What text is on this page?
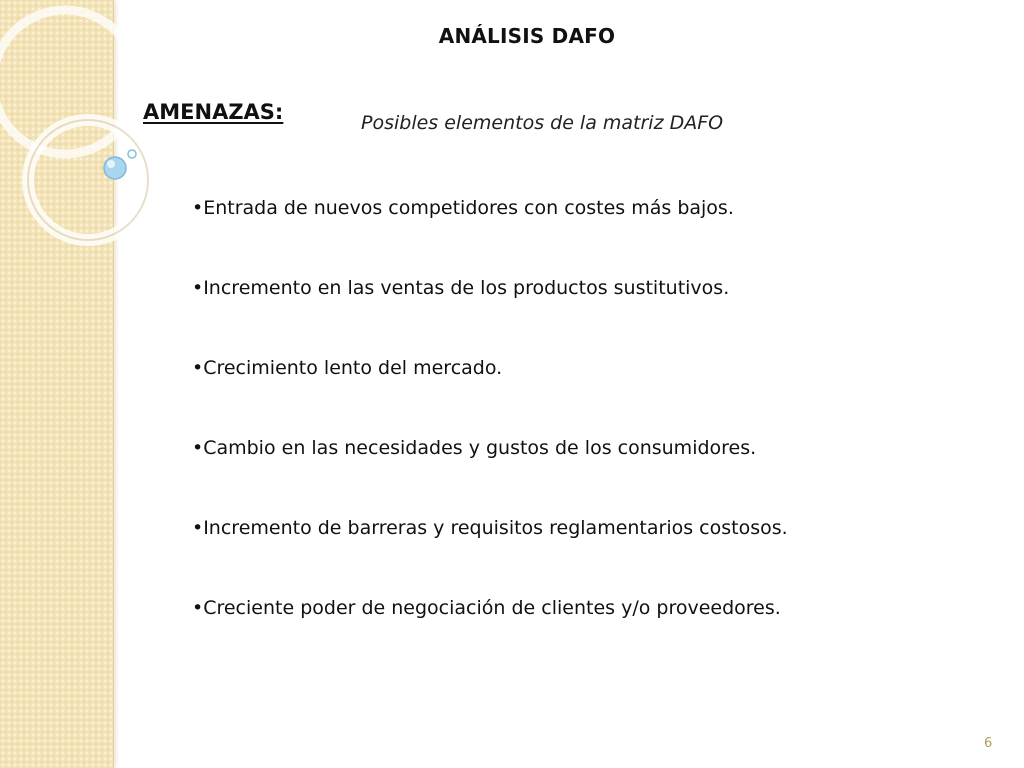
ANÁLISIS DAFO
AMENAZAS:	Posibles elementos de la matriz DAFO
•Entrada de nuevos competidores con costes más bajos.
•Incremento en las ventas de los productos sustitutivos.
•Crecimiento lento del mercado.
•Cambio en las necesidades y gustos de los consumidores.
•Incremento de barreras y requisitos reglamentarios costosos.
•Creciente poder de negociación de clientes y/o proveedores.
6
